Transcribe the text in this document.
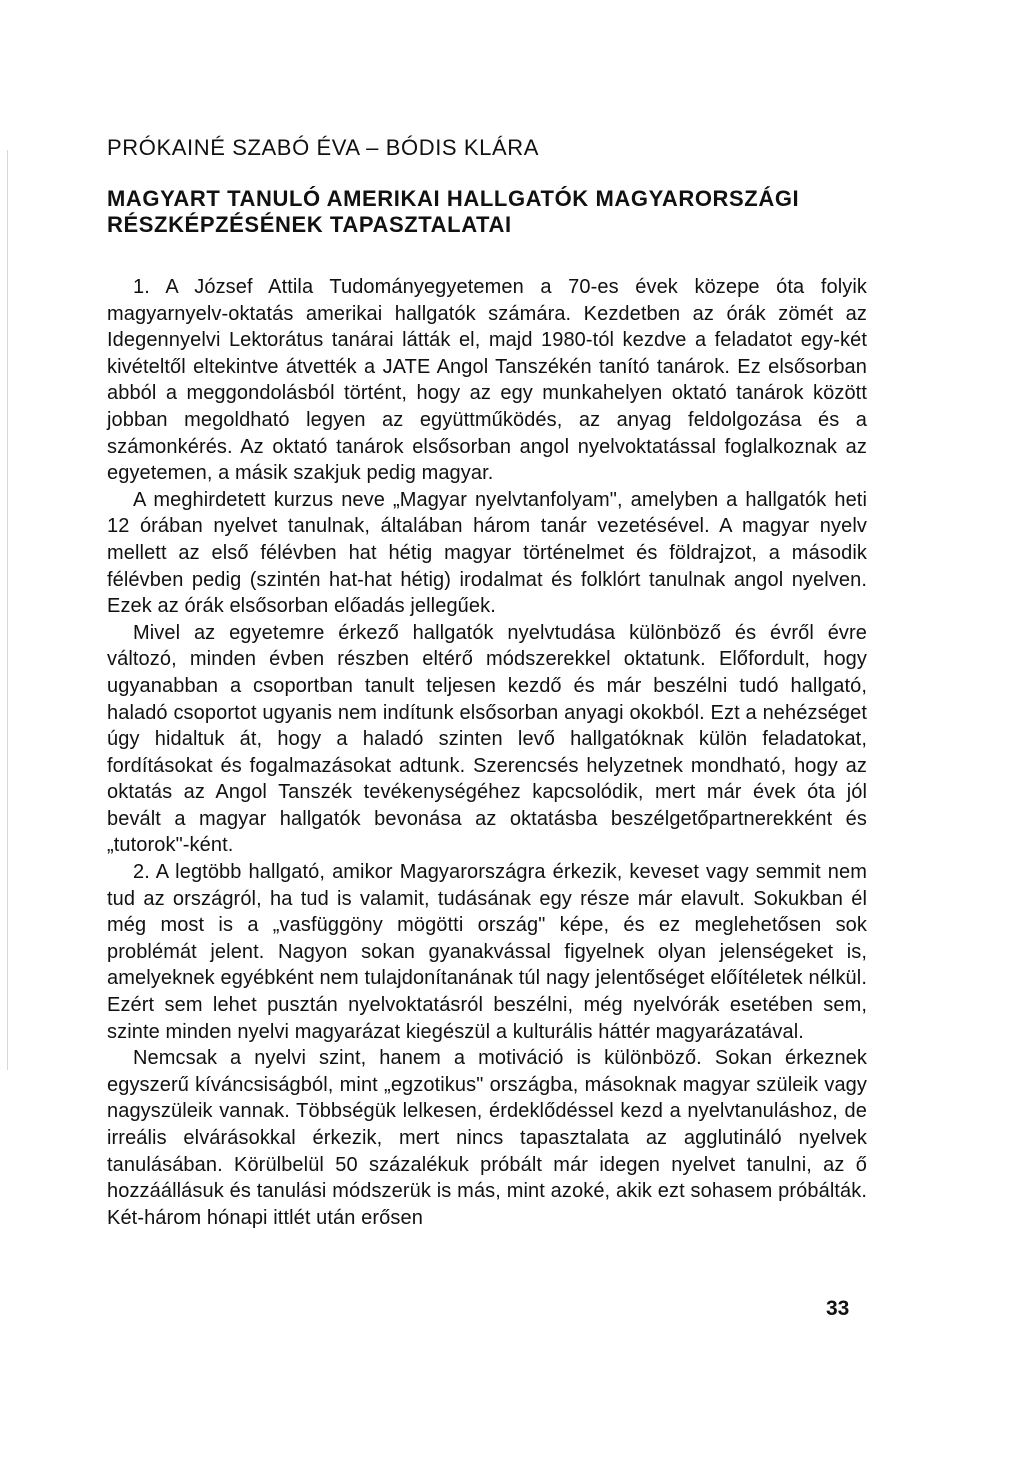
PRÓKAINÉ SZABÓ ÉVA – BÓDIS KLÁRA
MAGYART TANULÓ AMERIKAI HALLGATÓK MAGYARORSZÁGI
RÉSZKÉPZÉSÉNEK TAPASZTALATAI

1. A József Attila Tudományegyetemen a 70-es évek közepe óta folyik magyarnyelv-oktatás amerikai hallgatók számára. Kezdetben az órák zömét az Idegennyelvi Lektorátus tanárai látták el, majd 1980-tól kezdve a feladatot egy-két kivételtől eltekintve átvették a JATE Angol Tanszékén tanító tanárok. Ez elsősorban abból a meggondolásból történt, hogy az egy munkahelyen oktató tanárok között jobban megoldható legyen az együttműködés, az anyag feldolgozása és a számonkérés. Az oktató tanárok elsősorban angol nyelvoktatással foglalkoznak az egyetemen, a másik szakjuk pedig magyar.

A meghirdetett kurzus neve „Magyar nyelvtanfolyam", amelyben a hallgatók heti 12 órában nyelvet tanulnak, általában három tanár vezetésével. A magyar nyelv mellett az első félévben hat hétig magyar történelmet és földrajzot, a második félévben pedig (szintén hat-hat hétig) irodalmat és folklórt tanulnak angol nyelven. Ezek az órák elsősorban előadás jellegűek.

Mivel az egyetemre érkező hallgatók nyelvtudása különböző és évről évre változó, minden évben részben eltérő módszerekkel oktatunk. Előfordult, hogy ugyanabban a csoportban tanult teljesen kezdő és már beszélni tudó hallgató, haladó csoportot ugyanis nem indítunk elsősorban anyagi okokból. Ezt a nehézséget úgy hidaltuk át, hogy a haladó szinten levő hallgatóknak külön feladatokat, fordításokat és fogalmazásokat adtunk. Szerencsés helyzetnek mondható, hogy az oktatás az Angol Tanszék tevékenységéhez kapcsolódik, mert már évek óta jól bevált a magyar hallgatók bevonása az oktatásba beszélgetőpartnerekként és „tutorok"-ként.

2. A legtöbb hallgató, amikor Magyarországra érkezik, keveset vagy semmit nem tud az országról, ha tud is valamit, tudásának egy része már elavult. Sokukban él még most is a „vasfüggöny mögötti ország" képe, és ez meglehetősen sok problémát jelent. Nagyon sokan gyanakvással figyelnek olyan jelenségeket is, amelyeknek egyébként nem tulajdonítanának túl nagy jelentőséget előítéletek nélkül. Ezért sem lehet pusztán nyelvoktatásról beszélni, még nyelvórák esetében sem, szinte minden nyelvi magyarázat kiegészül a kulturális háttér magyarázatával.

Nemcsak a nyelvi szint, hanem a motiváció is különböző. Sokan érkeznek egyszerű kíváncsiságból, mint „egzotikus" országba, másoknak magyar szüleik vagy nagyszüleik vannak. Többségük lelkesen, érdeklődéssel kezd a nyelvtanuláshoz, de irreális elvárásokkal érkezik, mert nincs tapasztalata az agglutináló nyelvek tanulásában. Körülbelül 50 százalékuk próbált már idegen nyelvet tanulni, az ő hozzáállásuk és tanulási módszerük is más, mint azoké, akik ezt sohasem próbálták. Két-három hónapi ittlét után erősen

33
